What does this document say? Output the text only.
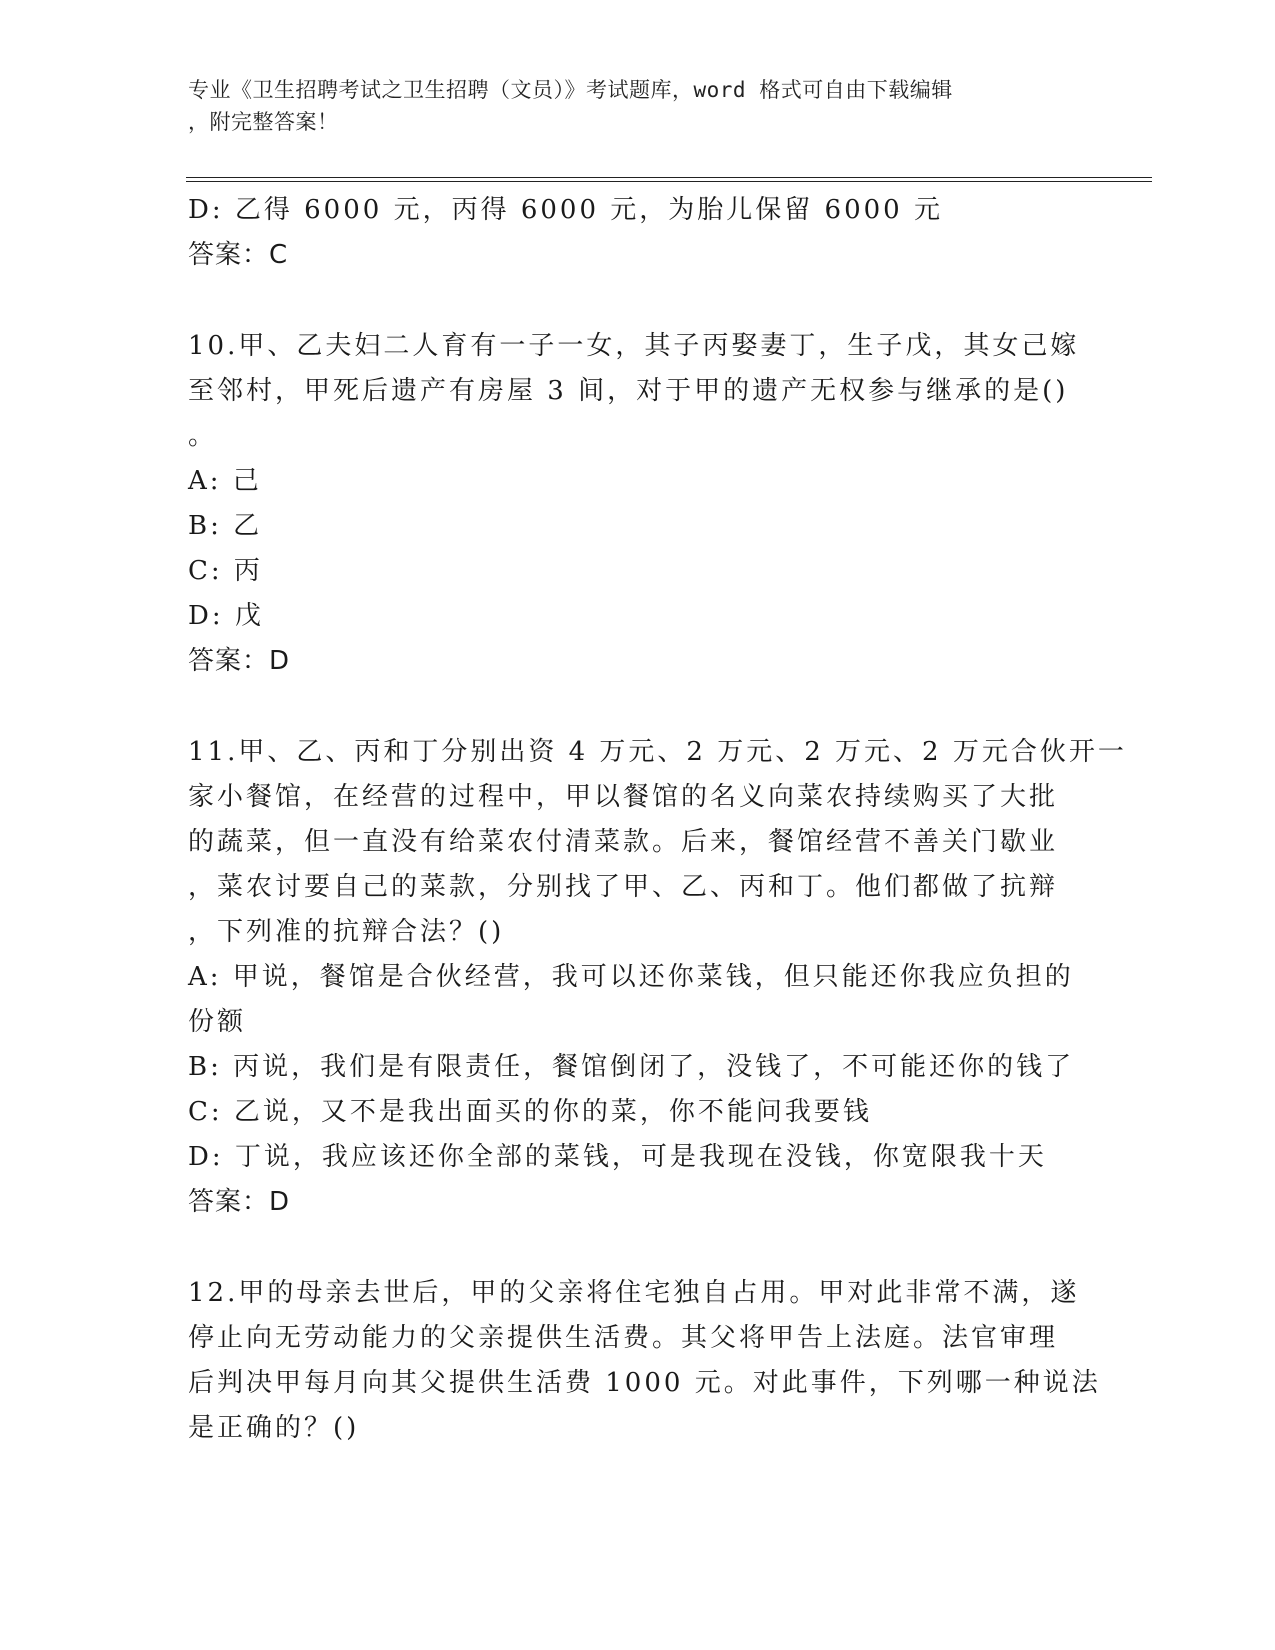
专业《卫生招聘考试之卫生招聘（文员）》考试题库，word 格式可自由下载编辑
，附完整答案！

D: 乙得 6000 元，丙得 6000 元，为胎儿保留 6000 元

答案：C

10.甲、乙夫妇二人育有一子一女，其子丙娶妻丁，生子戊，其女己嫁

至邻村，甲死后遗产有房屋 3 间，对于甲的遗产无权参与继承的是()

。

A: 己

B: 乙

C: 丙

D: 戊

答案：D

11.甲、乙、丙和丁分别出资 4 万元、2 万元、2 万元、2 万元合伙开一

家小餐馆，在经营的过程中，甲以餐馆的名义向菜农持续购买了大批

的蔬菜，但一直没有给菜农付清菜款。后来，餐馆经营不善关门歇业

，菜农讨要自己的菜款，分别找了甲、乙、丙和丁。他们都做了抗辩

，下列准的抗辩合法？()

A: 甲说，餐馆是合伙经营，我可以还你菜钱，但只能还你我应负担的

份额

B: 丙说，我们是有限责任，餐馆倒闭了，没钱了，不可能还你的钱了

C: 乙说，又不是我出面买的你的菜，你不能问我要钱

D: 丁说，我应该还你全部的菜钱，可是我现在没钱，你宽限我十天

答案：D

12.甲的母亲去世后，甲的父亲将住宅独自占用。甲对此非常不满，遂

停止向无劳动能力的父亲提供生活费。其父将甲告上法庭。法官审理

后判决甲每月向其父提供生活费 1000 元。对此事件，下列哪一种说法

是正确的？()
